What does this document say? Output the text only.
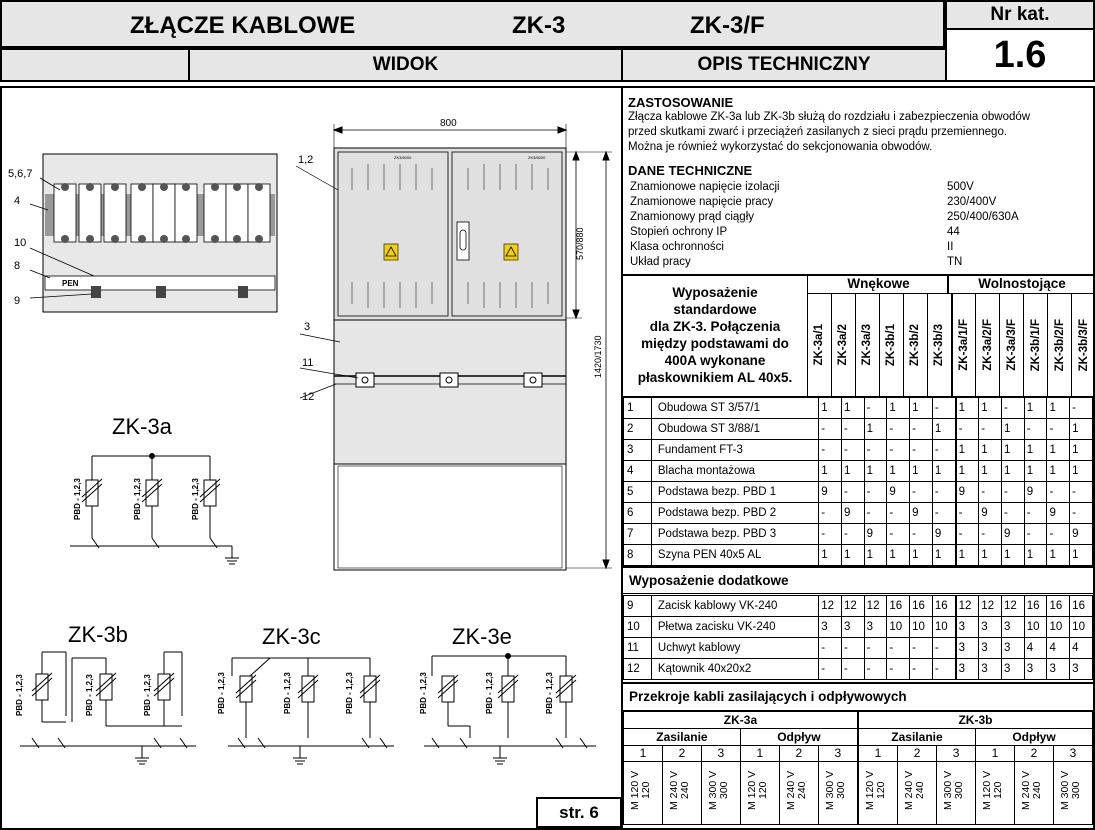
ZŁĄCZE KABLOWE	ZK-3	ZK-3/F	Nr kat.
1.6
WIDOK	OPIS TECHNICZNY
5,6,7
4
10
8
9
PEN
ZK3/6000	ZK3/6000
800
1,2
3
11
12
570/880
1420/1730
ZK-3a
PBD - 1,2,3	PBD - 1,2,3	PBD - 1,2,3
ZK-3b
PBD - 1,2,3	PBD - 1,2,3	PBD - 1,2,3
ZK-3c
PBD - 1,2,3	PBD - 1,2,3	PBD - 1,2,3
ZK-3e
PBD - 1,2,3	PBD - 1,2,3	PBD - 1,2,3
str. 6
ZASTOSOWANIE
Złącza kablowe ZK-3a lub ZK-3b służą do rozdziału i zabezpieczenia obwodów
przed skutkami zwarć i przeciążeń zasilanych z sieci prądu przemiennego.
Można je również wykorzystać do sekcjonowania obwodów.
DANE TECHNICZNE
Znamionowe napięcie izolacji	500V
Znamionowe napięcie pracy	230/400V
Znamionowy prąd ciągły	250/400/630A
Stopień ochrony IP	44
Klasa ochronności	II
Układ pracy	TN
Wyposażenie
standardowe
dla ZK-3. Połączenia
między podstawami do
400A wykonane
płaskownikiem AL 40x5.
Wnękowe	Wolnostojące
ZK-3a/1 ZK-3a/2 ZK-3a/3 ZK-3b/1 ZK-3b/2 ZK-3b/3 ZK-3a/1/F ZK-3a/2/F ZK-3a/3/F ZK-3b/1/F ZK-3b/2/F ZK-3b/3/F
1	Obudowa ST 3/57/1	1	1	-	1	1	-	1	1	-	1	1	-
2	Obudowa ST 3/88/1	-	-	1	-	-	1	-	-	1	-	-	1
3	Fundament FT-3	-	-	-	-	-	-	1	1	1	1	1	1
4	Blacha montażowa	1	1	1	1	1	1	1	1	1	1	1	1
5	Podstawa bezp. PBD 1	9	-	-	9	-	-	9	-	-	9	-	-
6	Podstawa bezp. PBD 2	-	9	-	-	9	-	-	9	-	-	9	-
7	Podstawa bezp. PBD 3	-	-	9	-	-	9	-	-	9	-	-	9
8	Szyna PEN 40x5 AL	1	1	1	1	1	1	1	1	1	1	1	1
Wyposażenie dodatkowe
9	Zacisk kablowy VK-240	12	12	12	16	16	16	12	12	12	16	16	16
10	Płetwa zacisku VK-240	3	3	3	10	10	10	3	3	3	10	10	10
11	Uchwyt kablowy	-	-	-	-	-	-	3	3	3	4	4	4
12	Kątownik 40x20x2	-	-	-	-	-	-	3	3	3	3	3	3
Przekroje kabli zasilających i odpływowych
ZK-3a						ZK-3b					
Zasilanie			Odpływ			Zasilanie			Odpływ		
1	2	3	1	2	3	1	2	3	1	2	3
M 120 V 120	M 240 V 240	M 300 V 300	M 120 V 120	M 240 V 240	M 300 V 300	M 120 V 120	M 240 V 240	M 300 V 300	M 120 V 120	M 240 V 240	M 300 V 300
